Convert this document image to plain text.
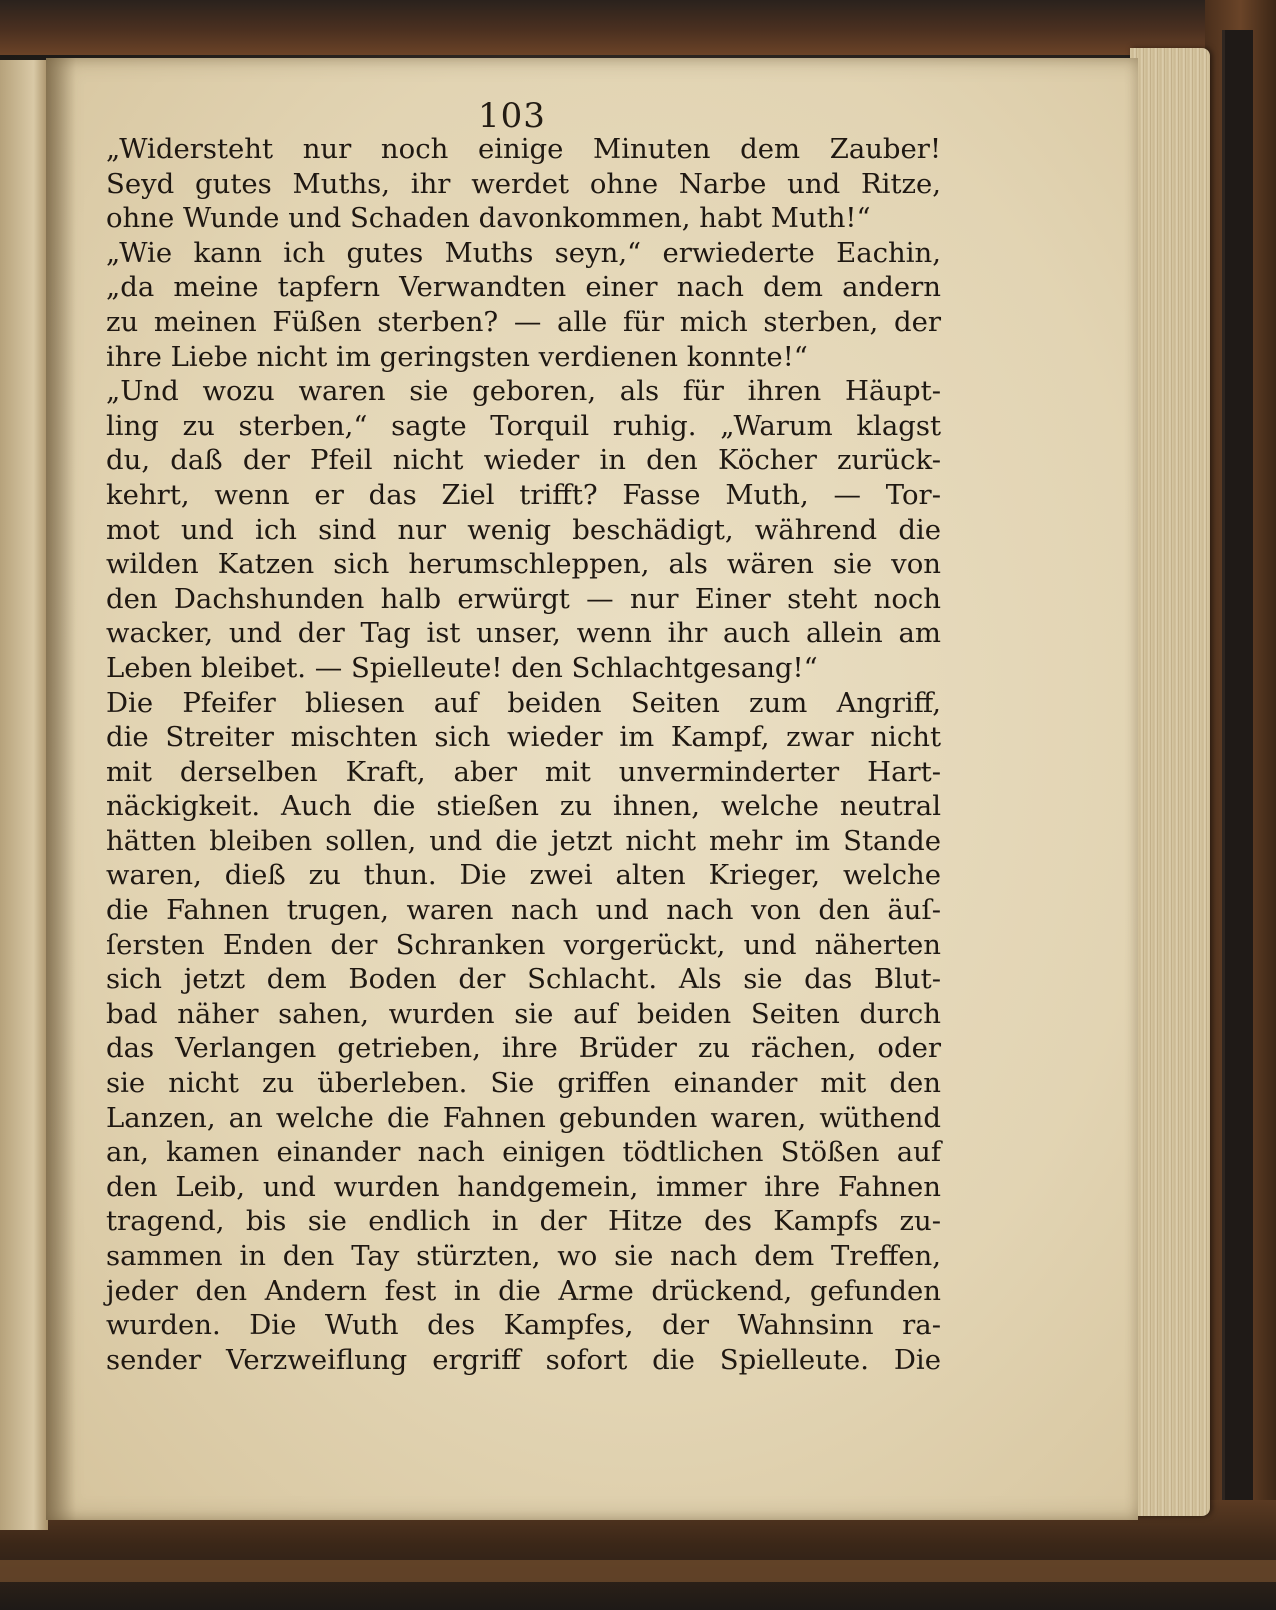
103
„Widersteht nur noch einige Minuten dem Zauber!
Seyd gutes Muths, ihr werdet ohne Narbe und Ritze,
ohne Wunde und Schaden davonkommen, habt Muth!“
„Wie kann ich gutes Muths seyn,“ erwiederte Eachin,
„da meine tapfern Verwandten einer nach dem andern
zu meinen Füßen sterben? — alle für mich sterben, der
ihre Liebe nicht im geringsten verdienen konnte!“
„Und wozu waren sie geboren, als für ihren Häupt-
ling zu sterben,“ sagte Torquil ruhig. „Warum klagst
du, daß der Pfeil nicht wieder in den Köcher zurück-
kehrt, wenn er das Ziel trifft? Fasse Muth, — Tor-
mot und ich sind nur wenig beschädigt, während die
wilden Katzen sich herumschleppen, als wären sie von
den Dachshunden halb erwürgt — nur Einer steht noch
wacker, und der Tag ist unser, wenn ihr auch allein am
Leben bleibet. — Spielleute! den Schlachtgesang!“
Die Pfeifer bliesen auf beiden Seiten zum Angriff,
die Streiter mischten sich wieder im Kampf, zwar nicht
mit derselben Kraft, aber mit unverminderter Hart-
näckigkeit. Auch die stießen zu ihnen, welche neutral
hätten bleiben sollen, und die jetzt nicht mehr im Stande
waren, dieß zu thun. Die zwei alten Krieger, welche
die Fahnen trugen, waren nach und nach von den äuſ-
ſersten Enden der Schranken vorgerückt, und näherten
sich jetzt dem Boden der Schlacht. Als sie das Blut-
bad näher sahen, wurden sie auf beiden Seiten durch
das Verlangen getrieben, ihre Brüder zu rächen, oder
sie nicht zu überleben. Sie griffen einander mit den
Lanzen, an welche die Fahnen gebunden waren, wüthend
an, kamen einander nach einigen tödtlichen Stößen auf
den Leib, und wurden handgemein, immer ihre Fahnen
tragend, bis sie endlich in der Hitze des Kampfs zu-
sammen in den Tay stürzten, wo sie nach dem Treffen,
jeder den Andern fest in die Arme drückend, gefunden
wurden. Die Wuth des Kampfes, der Wahnsinn ra-
sender Verzweiflung ergriff sofort die Spielleute. Die
